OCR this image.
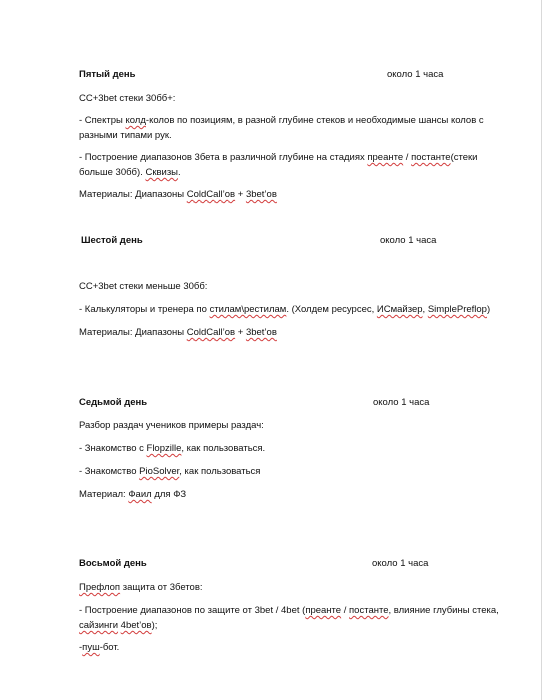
Пятый день	около 1 часа
СС+3bet стеки 30бб+:
- Спектры колд-колов по позициям, в разной глубине стеков и необходимые шансы колов с разными типами рук.
- Построение диапазонов 3бета в различной глубине на стадиях преанте / постанте(стеки больше 30бб). Сквизы.
Материалы: Диапазоны ColdCall’ов + 3bet’ов
Шестой день	около 1 часа
СС+3bet стеки меньше 30бб:
- Калькуляторы и тренера по стилам\рестилам. (Холдем ресурсес, ИСмайзер, SimplePreflop)
Материалы: Диапазоны ColdCall’ов + 3bet’ов
Седьмой день	около 1 часа
Разбор раздач учеников примеры раздач:
- Знакомство с Flopzille, как пользоваться.
- Знакомство PioSolver, как пользоваться
Материал: Фаил для ФЗ
Восьмой день	около 1 часа
Префлоп защита от 3бетов:
- Построение диапазонов по защите от 3bet / 4bet (преанте / постанте, влияние глубины стека, сайзинги 4bet’ов);
-пуш-бот.
